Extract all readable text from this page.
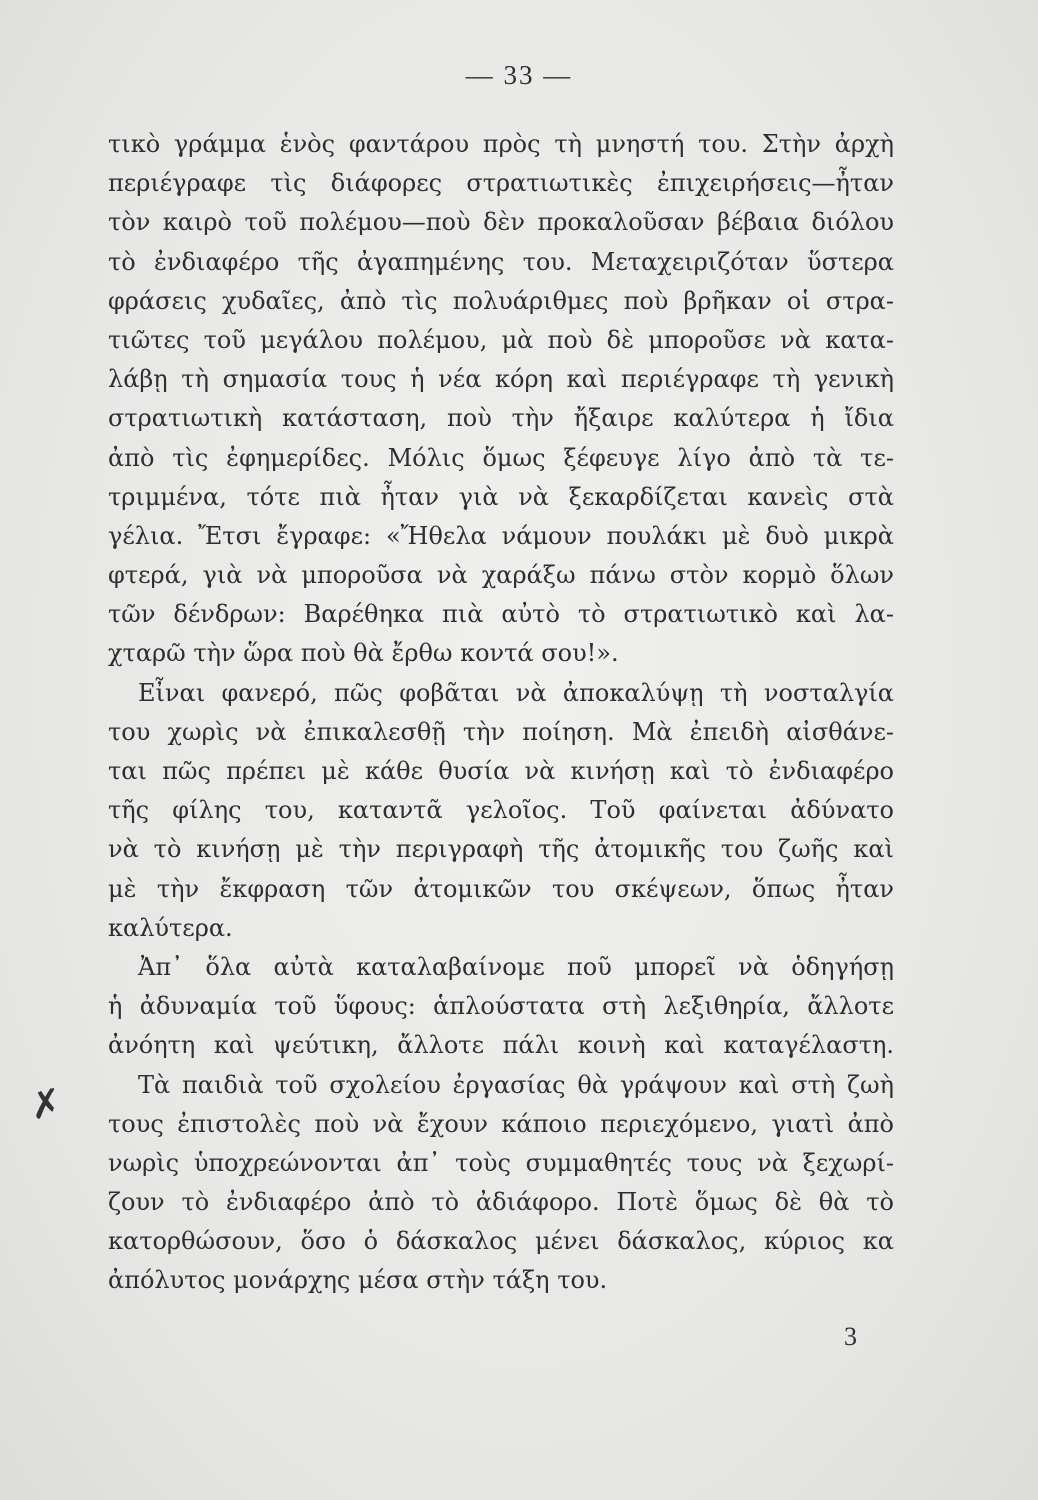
— 33 —
τικὸ γράμμα ἑνὸς φαντάρου πρὸς τὴ μνηστή του. Στὴν ἀρχὴ
περιέγραφε τὶς διάφορες στρατιωτικὲς ἐπιχειρήσεις—ἦταν
τὸν καιρὸ τοῦ πολέμου—ποὺ δὲν προκαλοῦσαν βέβαια διόλου
τὸ ἐνδιαφέρο τῆς ἀγαπημένης του. Μεταχειριζόταν ὕστερα
φράσεις χυδαῖες, ἀπὸ τὶς πολυάριθμες ποὺ βρῆκαν οἱ στρα-
τιῶτες τοῦ μεγάλου πολέμου, μὰ ποὺ δὲ μποροῦσε νὰ κατα-
λάβῃ τὴ σημασία τους ἡ νέα κόρη καὶ περιέγραφε τὴ γενικὴ
στρατιωτικὴ κατάσταση, ποὺ τὴν ἤξαιρε καλύτερα ἡ ἴδια
ἀπὸ τὶς ἐφημερίδες. Μόλις ὅμως ξέφευγε λίγο ἀπὸ τὰ τε-
τριμμένα, τότε πιὰ ἦταν γιὰ νὰ ξεκαρδίζεται κανεὶς στὰ
γέλια. Ἔτσι ἔγραφε: «Ἤθελα νάμουν πουλάκι μὲ δυὸ μικρὰ
φτερά, γιὰ νὰ μποροῦσα νὰ χαράξω πάνω στὸν κορμὸ ὅλων
τῶν δένδρων: Βαρέθηκα πιὰ αὐτὸ τὸ στρατιωτικὸ καὶ λα-
χταρῶ τὴν ὥρα ποὺ θὰ ἔρθω κοντά σου!».
Εἶναι φανερό, πῶς φοβᾶται νὰ ἀποκαλύψῃ τὴ νοσταλγία
του χωρὶς νὰ ἐπικαλεσθῇ τὴν ποίηση. Μὰ ἐπειδὴ αἰσθάνε-
ται πῶς πρέπει μὲ κάθε θυσία νὰ κινήσῃ καὶ τὸ ἐνδιαφέρο
τῆς φίλης του, καταντᾶ γελοῖος. Τοῦ φαίνεται ἀδύνατο
νὰ τὸ κινήσῃ μὲ τὴν περιγραφὴ τῆς ἀτομικῆς του ζωῆς καὶ
μὲ τὴν ἔκφραση τῶν ἀτομικῶν του σκέψεων, ὅπως ἦταν
καλύτερα.
Ἀπ᾿ ὅλα αὐτὰ καταλαβαίνομε ποῦ μπορεῖ νὰ ὁδηγήσῃ
ἡ ἀδυναμία τοῦ ὕφους: ἁπλούστατα στὴ λεξιθηρία, ἄλλοτε
ἀνόητη καὶ ψεύτικη, ἄλλοτε πάλι κοινὴ καὶ καταγέλαστη.
Τὰ παιδιὰ τοῦ σχολείου ἐργασίας θὰ γράψουν καὶ στὴ ζωὴ
τους ἐπιστολὲς ποὺ νὰ ἔχουν κάποιο περιεχόμενο, γιατὶ ἀπὸ
νωρὶς ὑποχρεώνονται ἀπ᾿ τοὺς συμμαθητές τους νὰ ξεχωρί-
ζουν τὸ ἐνδιαφέρο ἀπὸ τὸ ἀδιάφορο. Ποτὲ ὅμως δὲ θὰ τὸ
κατορθώσουν, ὅσο ὁ δάσκαλος μένει δάσκαλος, κύριος κα
ἀπόλυτος μονάρχης μέσα στὴν τάξη του.
✗
3
